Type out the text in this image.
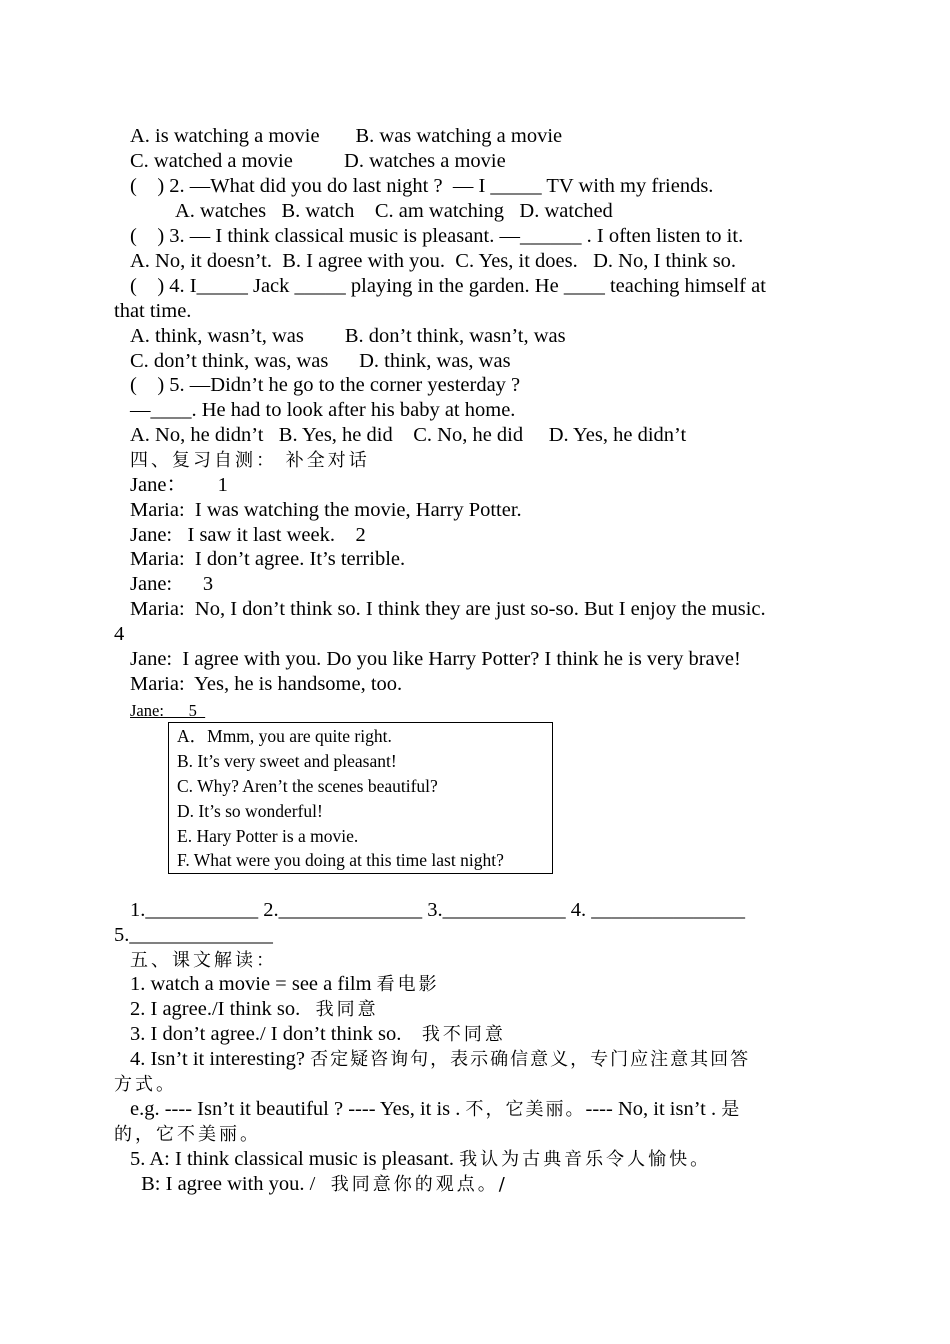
A. is watching a movie       B. was watching a movie
C. watched a movie          D. watches a movie
(    ) 2. —What did you do last night ?  — I _____ TV with my friends.
A. watches   B. watch    C. am watching   D. watched
(    ) 3. — I think classical music is pleasant. —______ . I often listen to it.
A. No, it doesn’t.  B. I agree with you.  C. Yes, it does.   D. No, I think so.
(    ) 4. I_____ Jack _____ playing in the garden. He ____ teaching himself at
that time.
A. think, wasn’t, was        B. don’t think, wasn’t, was
C. don’t think, was, was      D. think, was, was
(    ) 5. —Didn’t he go to the corner yesterday ?
—____. He had to look after his baby at home.
A. No, he didn’t   B. Yes, he did    C. No, he did     D. Yes, he didn’t
四、复习自测： 补全对话
Jane：      1
Maria:  I was watching the movie, Harry Potter.
Jane:   I saw it last week.    2
Maria:  I don’t agree. It’s terrible.
Jane:      3
Maria:  No, I don’t think so. I think they are just so-so. But I enjoy the music.
4
Jane:  I agree with you. Do you like Harry Potter? I think he is very brave!
Maria:  Yes, he is handsome, too.
Jane:      5
A．Mmm, you are quite right.
B. It’s very sweet and pleasant!
C. Why? Aren’t the scenes beautiful?
D. It’s so wonderful!
E. Hary Potter is a movie.
F. What were you doing at this time last night?
1.___________ 2.______________ 3.____________ 4. _______________
5.______________
五、课文解读：
1. watch a movie = see a film 看电影
2. I agree./I think so.   我同意
3. I don’t agree./ I don’t think so.    我不同意
4. Isn’t it interesting? 否定疑咨询句，表示确信意义，专门应注意其回答
方式。
e.g. ---- Isn’t it beautiful ? ---- Yes, it is . 不，它美丽。---- No, it isn’t . 是
的，它不美丽。
5. A: I think classical music is pleasant. 我认为古典音乐令人愉快。
B: I agree with you. /   我同意你的观点。/
